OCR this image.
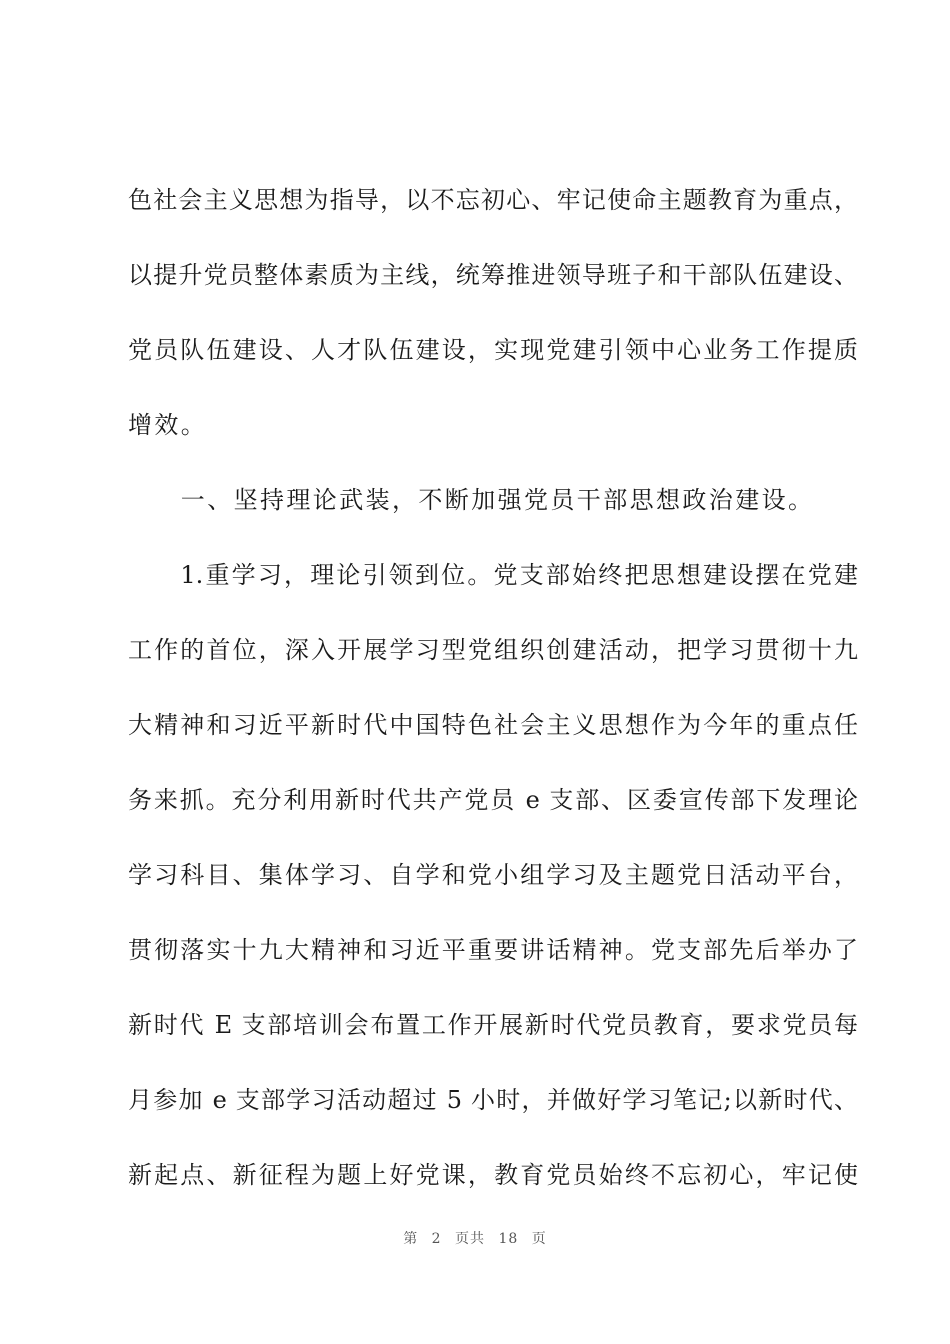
色社会主义思想为指导，以不忘初心、牢记使命主题教育为重点，
以提升党员整体素质为主线，统筹推进领导班子和干部队伍建设、
党员队伍建设、人才队伍建设，实现党建引领中心业务工作提质
增效。
　　一、坚持理论武装，不断加强党员干部思想政治建设。
　　1.重学习，理论引领到位。党支部始终把思想建设摆在党建
工作的首位，深入开展学习型党组织创建活动，把学习贯彻十九
大精神和习近平新时代中国特色社会主义思想作为今年的重点任
务来抓。充分利用新时代共产党员 e 支部、区委宣传部下发理论
学习科目、集体学习、自学和党小组学习及主题党日活动平台，
贯彻落实十九大精神和习近平重要讲话精神。党支部先后举办了
新时代 E 支部培训会布置工作开展新时代党员教育，要求党员每
月参加 e 支部学习活动超过 5 小时，并做好学习笔记;以新时代、
新起点、新征程为题上好党课，教育党员始终不忘初心，牢记使
第 2 页共 18 页
